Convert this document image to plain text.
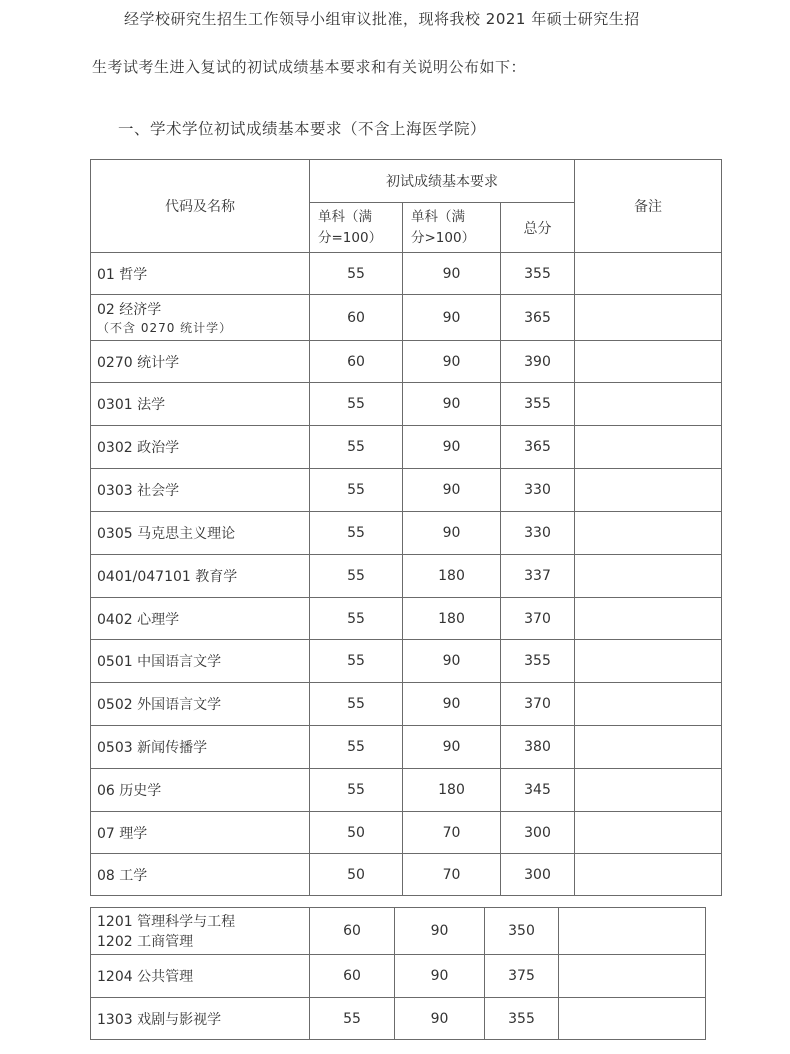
经学校研究生招生工作领导小组审议批准，现将我校 2021 年硕士研究生招
生考试考生进入复试的初试成绩基本要求和有关说明公布如下：
一、学术学位初试成绩基本要求（不含上海医学院）
代码及名称	初试成绩基本要求			备注
	单科（满
分=100）	单科（满
分>100）	总分	
01 哲学	55	90	355	
02 经济学
（不含 0270 统计学）	60	90	365	
0270 统计学	60	90	390	
0301 法学	55	90	355	
0302 政治学	55	90	365	
0303 社会学	55	90	330	
0305 马克思主义理论	55	90	330	
0401/047101 教育学	55	180	337	
0402 心理学	55	180	370	
0501 中国语言文学	55	90	355	
0502 外国语言文学	55	90	370	
0503 新闻传播学	55	90	380	
06 历史学	55	180	345	
07 理学	50	70	300	
08 工学	50	70	300	
1201 管理科学与工程
1202 工商管理	60	90	350	
1204 公共管理	60	90	375	
1303 戏剧与影视学	55	90	355	
